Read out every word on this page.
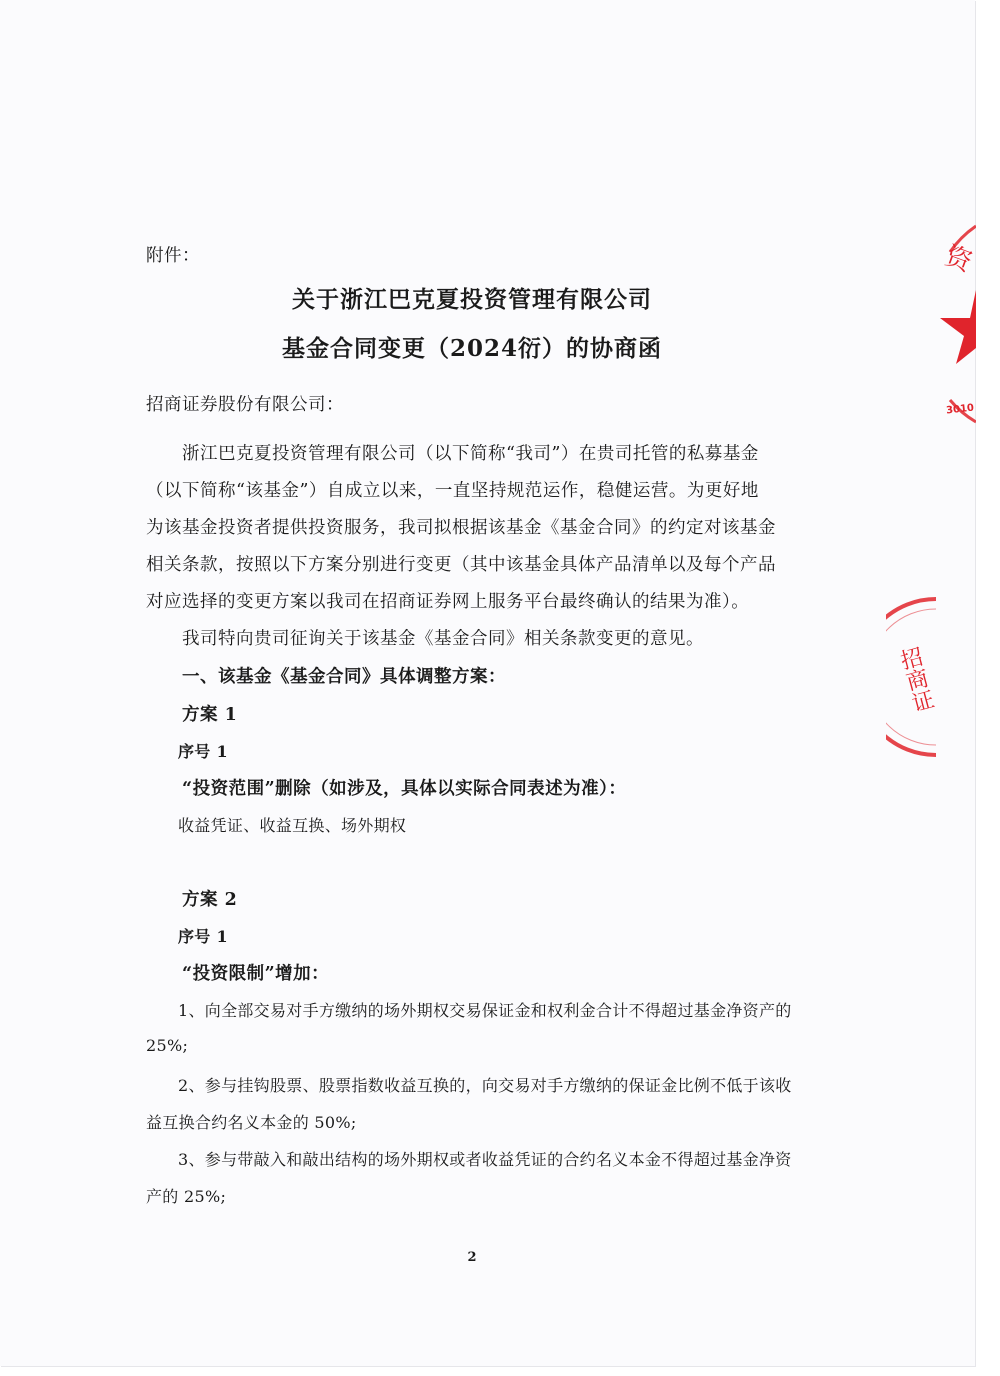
附件：

关于浙江巴克夏投资管理有限公司

基金合同变更（2024衍）的协商函

招商证券股份有限公司：

浙江巴克夏投资管理有限公司（以下简称“我司”）在贵司托管的私募基金

（以下简称“该基金”）自成立以来，一直坚持规范运作，稳健运营。为更好地

为该基金投资者提供投资服务，我司拟根据该基金《基金合同》的约定对该基金

相关条款，按照以下方案分别进行变更（其中该基金具体产品清单以及每个产品

对应选择的变更方案以我司在招商证券网上服务平台最终确认的结果为准）。

我司特向贵司征询关于该基金《基金合同》相关条款变更的意见。

一、该基金《基金合同》具体调整方案：

方案 1

序号 1

“投资范围”删除（如涉及，具体以实际合同表述为准）：

收益凭证、收益互换、场外期权

方案 2

序号 1

“投资限制”增加：

1、向全部交易对手方缴纳的场外期权交易保证金和权利金合计不得超过基金净资产的

25%;

2、参与挂钩股票、股票指数收益互换的，向交易对手方缴纳的保证金比例不低于该收

益互换合约名义本金的 50%;

3、参与带敲入和敲出结构的场外期权或者收益凭证的合约名义本金不得超过基金净资

产的 25%;

2

资
3010
招商证
